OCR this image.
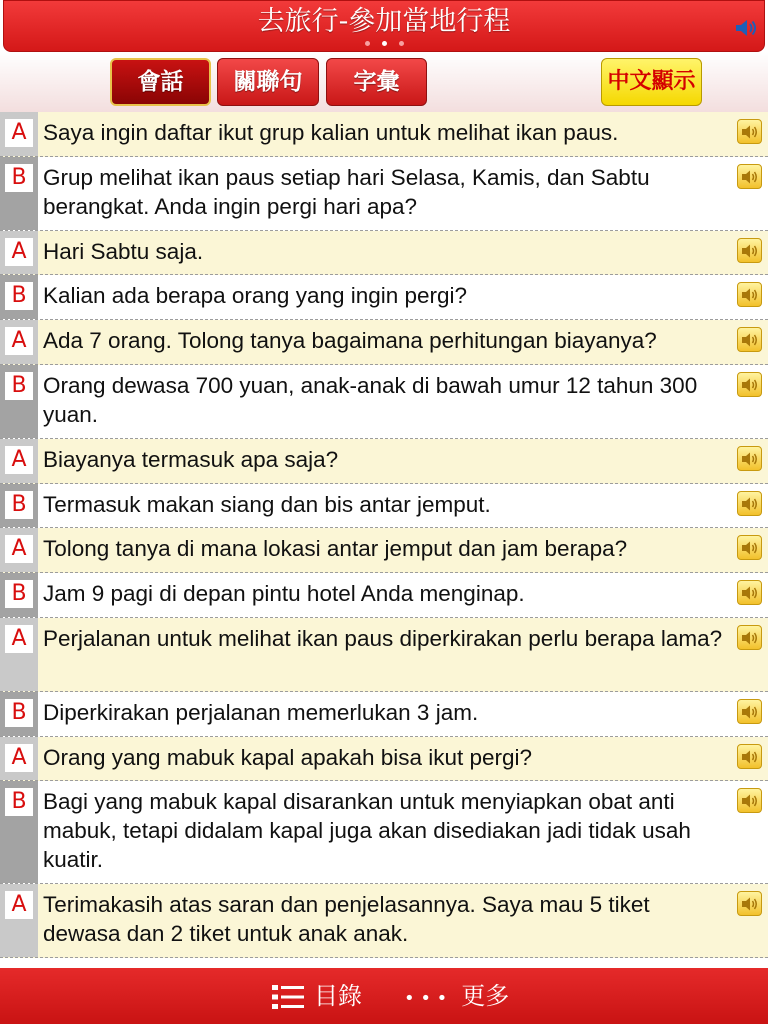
去旅行-參加當地行程

會話	關聯句	字彙	中文顯示
A Saya ingin daftar ikut grup kalian untuk melihat ikan paus.
B Grup melihat ikan paus setiap hari Selasa, Kamis, dan Sabtu berangkat. Anda ingin pergi hari apa?
A Hari Sabtu saja.
B Kalian ada berapa orang yang ingin pergi?
A Ada 7 orang. Tolong tanya bagaimana perhitungan biayanya?
B Orang dewasa 700 yuan, anak-anak di bawah umur 12 tahun 300 yuan.
A Biayanya termasuk apa saja?
B Termasuk makan siang dan bis antar jemput.
A Tolong tanya di mana lokasi antar jemput dan jam berapa?
B Jam 9 pagi di depan pintu hotel Anda menginap.
A Perjalanan untuk melihat ikan paus diperkirakan perlu berapa lama?
B Diperkirakan perjalanan memerlukan 3 jam.
A Orang yang mabuk kapal apakah bisa ikut pergi?
B Bagi yang mabuk kapal disarankan untuk menyiapkan obat anti mabuk, tetapi didalam kapal juga akan disediakan jadi tidak usah kuatir.
A Terimakasih atas saran dan penjelasannya. Saya mau 5 tiket dewasa dan 2 tiket untuk anak anak.
目錄 • • • 更多
